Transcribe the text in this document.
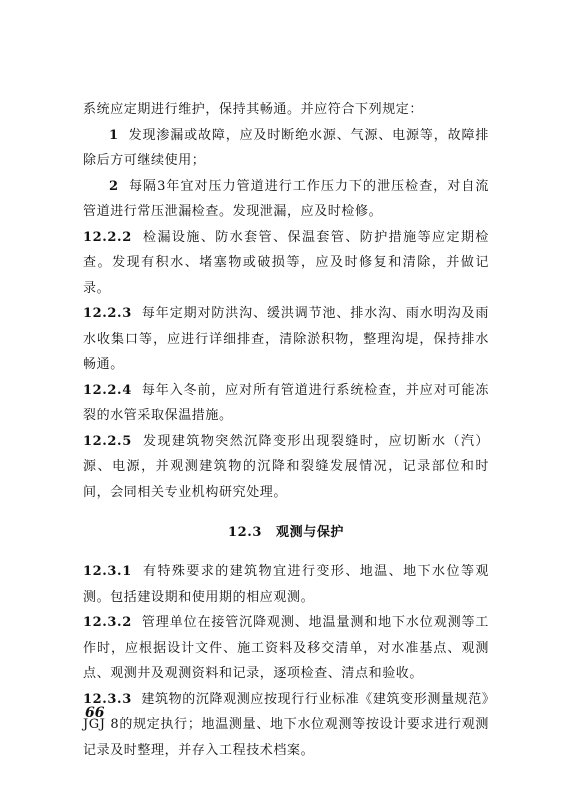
系统应定期进行维护，保持其畅通。并应符合下列规定：

1 发现渗漏或故障，应及时断绝水源、气源、电源等，故障排除后方可继续使用；

2 每隔3年宜对压力管道进行工作压力下的泄压检查，对自流管道进行常压泄漏检查。发现泄漏，应及时检修。

12.2.2 检漏设施、防水套管、保温套管、防护措施等应定期检查。发现有积水、堵塞物或破损等，应及时修复和清除，并做记录。

12.2.3 每年定期对防洪沟、缓洪调节池、排水沟、雨水明沟及雨水收集口等，应进行详细排查，清除淤积物，整理沟堤，保持排水畅通。

12.2.4 每年入冬前，应对所有管道进行系统检查，并应对可能冻裂的水管采取保温措施。

12.2.5 发现建筑物突然沉降变形出现裂缝时，应切断水（汽）源、电源，并观测建筑物的沉降和裂缝发展情况，记录部位和时间，会同相关专业机构研究处理。

12.3 观测与保护

12.3.1 有特殊要求的建筑物宜进行变形、地温、地下水位等观测。包括建设期和使用期的相应观测。

12.3.2 管理单位在接管沉降观测、地温量测和地下水位观测等工作时，应根据设计文件、施工资料及移交清单，对水准基点、观测点、观测井及观测资料和记录，逐项检查、清点和验收。

12.3.3 建筑物的沉降观测应按现行行业标准《建筑变形测量规范》JGJ 8的规定执行；地温测量、地下水位观测等按设计要求进行观测记录及时整理，并存入工程技术档案。

66
